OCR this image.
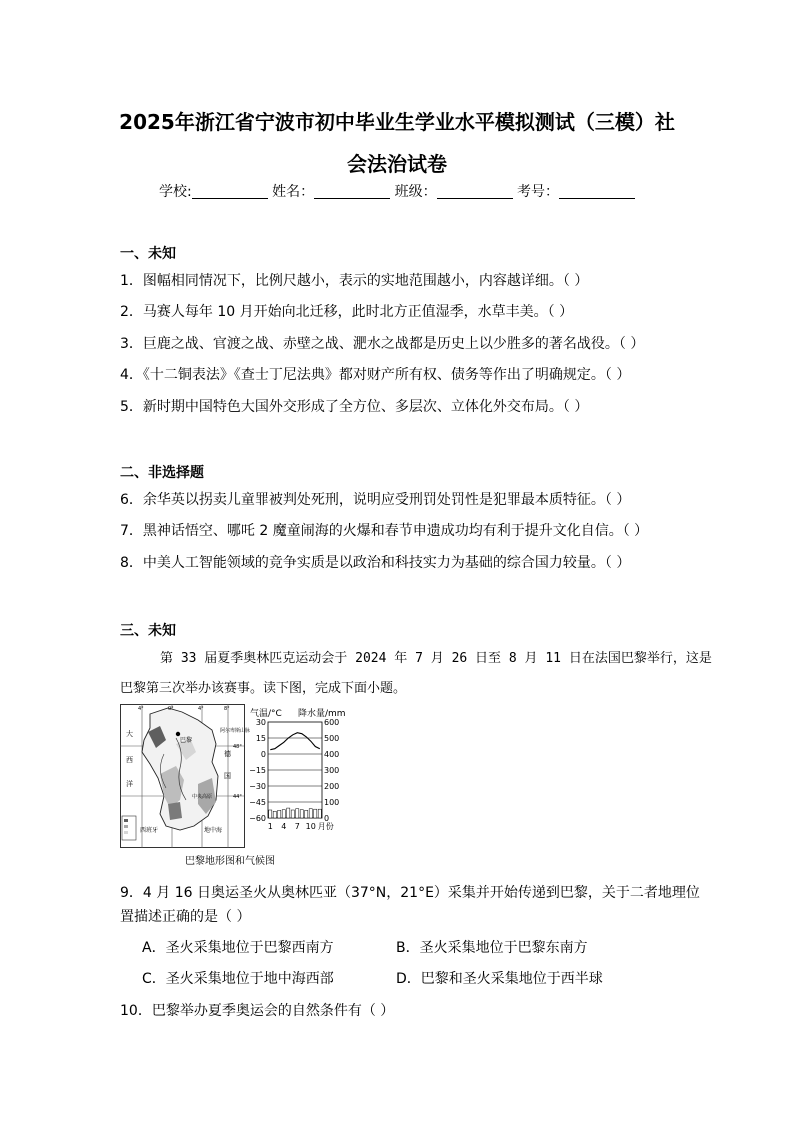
2025年浙江省宁波市初中毕业生学业水平模拟测试（三模）社
会法治试卷
学校:	姓名：	班级：	考号：
一、未知
1．图幅相同情况下，比例尺越小，表示的实地范围越小，内容越详细。（ ）
2．马赛人每年 10 月开始向北迁移，此时北方正值湿季，水草丰美。（ ）
3．巨鹿之战、官渡之战、赤壁之战、淝水之战都是历史上以少胜多的著名战役。（ ）
4．《十二铜表法》《查士丁尼法典》都对财产所有权、债务等作出了明确规定。（ ）
5．新时期中国特色大国外交形成了全方位、多层次、立体化外交布局。（ ）
二、非选择题
6．余华英以拐卖儿童罪被判处死刑，说明应受刑罚处罚性是犯罪最本质特征。（ ）
7．黑神话悟空、哪吒 2 魔童闹海的火爆和春节申遗成功均有利于提升文化自信。（ ）
8．中美人工智能领域的竞争实质是以政治和科技实力为基础的综合国力较量。（ ）
三、未知
第 33 届夏季奥林匹克运动会于 2024 年 7 月 26 日至 8 月 11 日在法国巴黎举行，这是
巴黎第三次举办该赛事。读下图，完成下面小题。
大
西
洋
德
国
地中海
西班牙
阿尔卑斯山脉
中央高原
48°
44°
4°	0°	4°	8°
巴黎
气温/°C 降水量/mm
30
15
0
−15
−30
−45
−60
600
500
400
300
200
100
0
1 4 7 10 月份
巴黎地形图和气候图
9．4 月 16 日奥运圣火从奥林匹亚（37°N，21°E）采集并开始传递到巴黎，关于二者地理位
置描述正确的是（ ）
A．圣火采集地位于巴黎西南方	B．圣火采集地位于巴黎东南方
C．圣火采集地位于地中海西部	D．巴黎和圣火采集地位于西半球
10．巴黎举办夏季奥运会的自然条件有（ ）
